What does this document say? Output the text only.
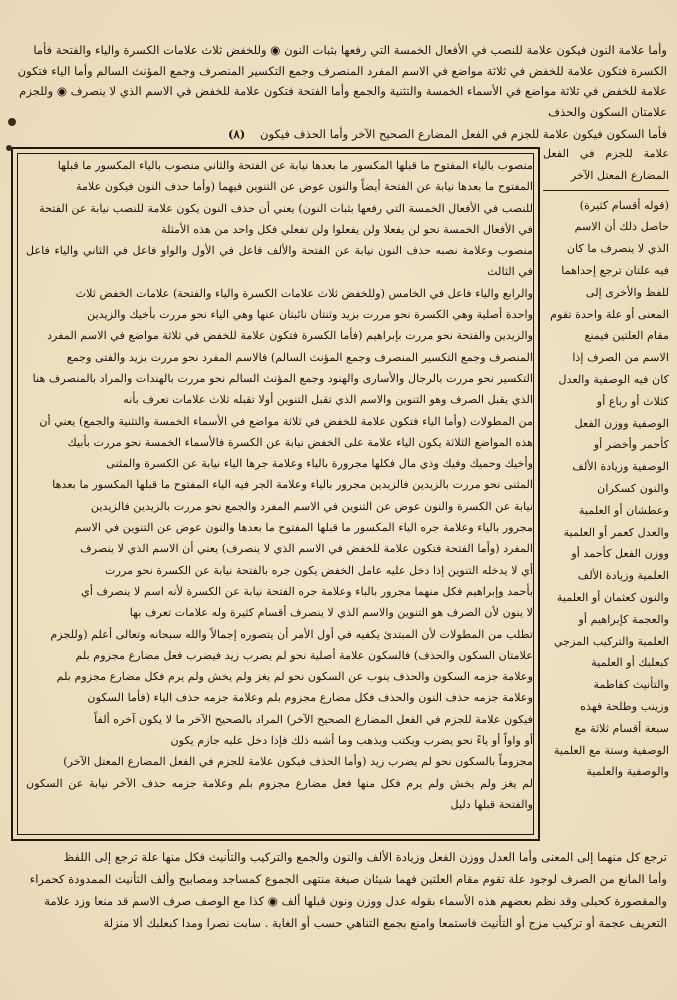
وأما علامة النون فيكون علامة للنصب في الأفعال الخمسة التي رفعها بثبات النون ◉ وللخفض ثلاث علامات الكسرة والياء والفتحة فأما

الكسرة فتكون علامة للخفض في ثلاثة مواضع في الاسم المفرد المنصرف وجمع التكسير المنصرف وجمع المؤنث السالم وأما الياء فتكون

علامة للخفض في ثلاثة مواضع في الأسماء الخمسة والتثنية والجمع وأما الفتحة فتكون علامة للخفض في الاسم الذي لا ينصرف ◉ وللجزم

علامتان السكون والحذف

فأما السكون فيكون علامة للجزم في الفعل المضارع الصحيح الآخر وأما الحذف فيكون    (٨)

علامة للجزم في الفعل المضارع المعتل الآخر

(قوله أقسام كثيرة)

حاصل ذلك أن الاسم

الذي لا ينصرف ما كان

فيه علتان ترجع إحداهما

للفظ والأخرى إلى

المعنى أو علة واحدة تقوم

مقام العلتين فيمنع

الاسم من الصرف إذا

كان فيه الوصفية والعدل

كثلاث أو رباع أو

الوصفية ووزن الفعل

كأحمر وأخضر أو

الوصفية وزيادة الألف

والنون كسكران

وعطشان أو العلمية

والعدل كعمر أو العلمية

ووزن الفعل كأحمد أو

العلمية وزيادة الألف

والنون كعثمان أو العلمية

والعجمة كإبراهيم أو

العلمية والتركيب المزجي

كبعلبك أو العلمية

والتأنيث كفاطمة

وزينب وطلحة فهذه

سبعة أقسام ثلاثة مع

الوصفية وستة مع العلمية

والوصفية والعلمية

منصوب بالياء المفتوح ما قبلها المكسور ما بعدها نيابة عن الفتحة والثاني منصوب بالياء المكسور ما قبلها

المفتوح ما بعدها نيابة عن الفتحة أيضاً والنون عوض عن التنوين فيهما (وأما حذف النون فيكون علامة

للنصب في الأفعال الخمسة التي رفعها بثبات النون) يعني أن حذف النون يكون علامة للنصب نيابة عن الفتحة

في الأفعال الخمسة نحو لن يفعلا ولن يفعلوا ولن تفعلي فكل واحد من هذه الأمثلة

منصوب وعلامة نصبه حذف النون نيابة عن الفتحة والألف فاعل في الأول والواو فاعل في الثاني والياء فاعل في الثالث

والرابع والياء فاعل في الخامس (وللخفض ثلاث علامات الكسرة والياء والفتحة) علامات الخفض ثلاث

واحدة أصلية وهي الكسرة نحو مررت بزيد وثنتان نائبتان عنها وهي الياء نحو مررت بأخيك والزيدين

والزيدين والفتحة نحو مررت بإبراهيم (فأما الكسرة فتكون علامة للخفض في ثلاثة مواضع في الاسم المفرد

المنصرف وجمع التكسير المنصرف وجمع المؤنث السالم) فالاسم المفرد نحو مررت بزيد والفتى وجمع

التكسير نحو مررت بالرجال والأسارى والهنود وجمع المؤنث السالم نحو مررت بالهندات والمراد بالمنصرف هنا

الذي يقبل الصرف وهو التنوين والاسم الذي تقبل التنوين أولا تقبله ثلاث علامات تعرف بأنه

من المطولات (وأما الياء فتكون علامة للخفض في ثلاثة مواضع في الأسماء الخمسة والتثنية والجمع) يعني أن

هذه المواضع الثلاثة يكون الياء علامة على الخفض نيابة عن الكسرة فالأسماء الخمسة نحو مررت بأبيك

وأخيك وحميك وفيك وذي مال فكلها مجرورة بالياء وعلامة جرها الياء نيابة عن الكسرة والمثنى

المثنى نحو مررت بالزيدين فالزيدين مجرور بالياء وعلامة الجر فيه الياء المفتوح ما قبلها المكسور ما بعدها

نيابة عن الكسرة والنون عوض عن التنوين في الاسم المفرد والجمع نحو مررت بالزيدين فالزيدين

مجرور بالياء وعلامة جره الياء المكسور ما قبلها المفتوح ما بعدها والنون عوض عن التنوين في الاسم

المفرد (وأما الفتحة فتكون علامة للخفض في الاسم الذي لا ينصرف) يعني أن الاسم الذي لا ينصرف

أي لا يدخله التنوين إذا دخل عليه عامل الخفض يكون جره بالفتحة نيابة عن الكسرة نحو مررت

بأحمد وإبراهيم فكل منهما مجرور بالباء وعلامة جره الفتحة نيابة عن الكسرة لأنه اسم لا ينصرف أي

لا ينون لأن الصرف هو التنوين والاسم الذي لا ينصرف أقسام كثيرة وله علامات تعرف بها

تطلب من المطولات لأن المبتدئ يكفيه في أول الأمر أن يتصوره إجمالاً والله سبحانه وتعالى أعلم (وللجزم

علامتان السكون والحذف) فالسكون علامة أصلية نحو لم يضرب زيد فيضرب فعل مضارع مجزوم بلم

وعلامة جزمه السكون والحذف ينوب عن السكون نحو لم يغز ولم يخش ولم يرم فكل مضارع مجزوم بلم

وعلامة جزمه حذف النون والحذف فكل مضارع مجزوم بلم وعلامة جزمه حذف الياء (فأما السكون

فيكون علامة للجزم في الفعل المضارع الصحيح الآخر) المراد بالصحيح الآخر ما لا يكون آخره ألفاً

أو واواً أو ياءً نحو يضرب ويكتب ويذهب وما أشبه ذلك فإذا دخل عليه جازم يكون

مجزوماً بالسكون نحو لم يضرب زيد (وأما الحذف فيكون علامة للجزم في الفعل المضارع المعتل الآخر)

لم يغز ولم يخش ولم يرم فكل منها فعل مضارع مجزوم بلم وعلامة جزمه حذف الآخر نيابة عن السكون والفتحة قبلها دليل

ترجع كل منهما إلى المعنى وأما العدل ووزن الفعل وزيادة الألف والنون والجمع والتركيب والتأنيث فكل منها علة ترجع إلى اللفظ

وأما المانع من الصرف لوجود علة تقوم مقام العلتين فهما شيئان صيغة منتهى الجموع كمساجد ومصابيح وألف التأنيث الممدودة كحمراء

والمقصورة كحبلى وقد نظم بعضهم هذه الأسماء بقوله عدل ووزن ونون قبلها ألف ◉ كذا مع الوصف صرف الاسم قد منعا وزد علامة

التعريف عجمة أو تركيب مزج أو التأنيث فاستمعا وامنع بجمع التناهي حسب أو الغاية . سابت نصرا ومدا كبعلبك ألا منزلة
